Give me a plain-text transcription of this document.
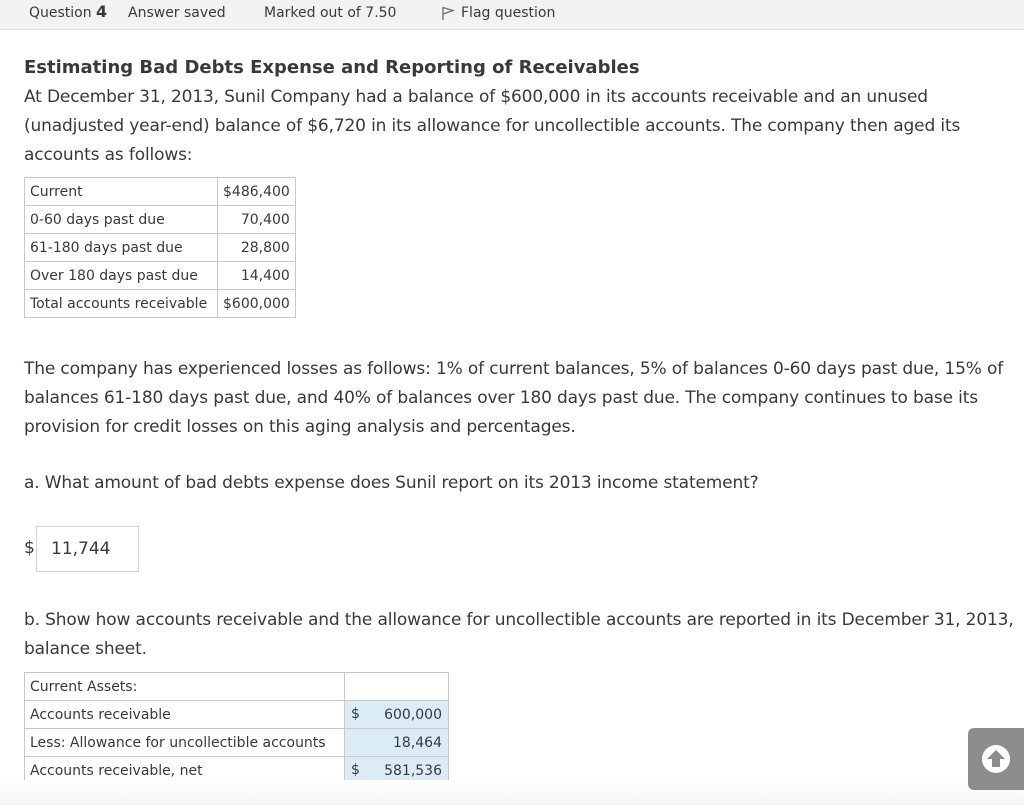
Question 4 Answer saved	Marked out of 7.50	Flag question
Estimating Bad Debts Expense and Reporting of Receivables
At December 31, 2013, Sunil Company had a balance of $600,000 in its accounts receivable and an unused (unadjusted year-end) balance of $6,720 in its allowance for uncollectible accounts. The company then aged its accounts as follows:
Current	$486,400
0-60 days past due	70,400
61-180 days past due	28,800
Over 180 days past due	14,400
Total accounts receivable	$600,000
The company has experienced losses as follows: 1% of current balances, 5% of balances 0-60 days past due, 15% of balances 61-180 days past due, and 40% of balances over 180 days past due. The company continues to base its provision for credit losses on this aging analysis and percentages.
a. What amount of bad debts expense does Sunil report on its 2013 income statement?
$ 11,744
b. Show how accounts receivable and the allowance for uncollectible accounts are reported in its December 31, 2013, balance sheet.
Current Assets:	
Accounts receivable	$ 600,000
Less: Allowance for uncollectible accounts	18,464
Accounts receivable, net	$ 581,536
